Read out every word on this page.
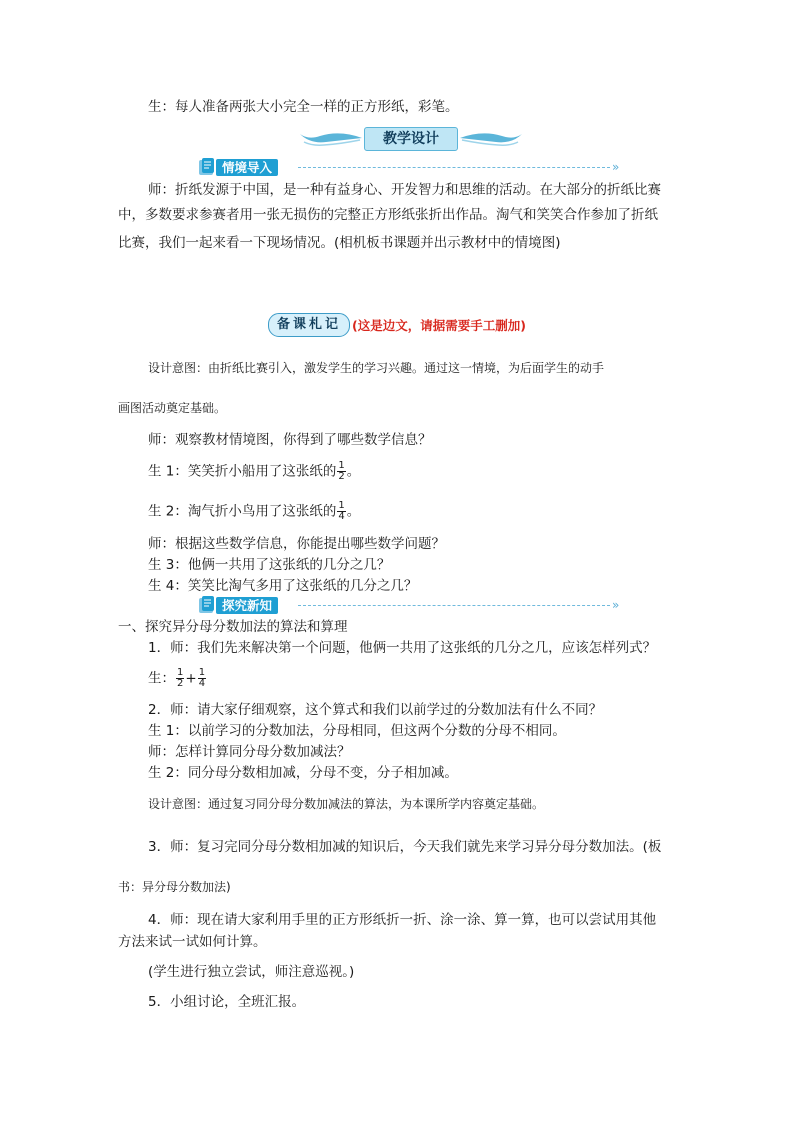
生：每人准备两张大小完全一样的正方形纸，彩笔。
教学设计
情境导入	»
师：折纸发源于中国，是一种有益身心、开发智力和思维的活动。在大部分的折纸比赛
中，多数要求参赛者用一张无损伤的完整正方形纸张折出作品。淘气和笑笑合作参加了折纸
比赛，我们一起来看一下现场情况。(相机板书课题并出示教材中的情境图)
备课札记 (这是边文，请据需要手工删加)
设计意图：由折纸比赛引入，激发学生的学习兴趣。通过这一情境，为后面学生的动手
画图活动奠定基础。
师：观察教材情境图，你得到了哪些数学信息？
生 1：笑笑折小船用了这张纸的 $\frac{1}{2}$ 。
生 2：淘气折小鸟用了这张纸的 $\frac{1}{4}$ 。
师：根据这些数学信息，你能提出哪些数学问题？
生 3：他俩一共用了这张纸的几分之几？
生 4：笑笑比淘气多用了这张纸的几分之几？
探究新知	»
一、探究异分母分数加法的算法和算理
1．师：我们先来解决第一个问题，他俩一共用了这张纸的几分之几，应该怎样列式？
生： $\frac{1}{2} + \frac{1}{4}$
2．师：请大家仔细观察，这个算式和我们以前学过的分数加法有什么不同？
生 1：以前学习的分数加法，分母相同，但这两个分数的分母不相同。
师：怎样计算同分母分数加减法？
生 2：同分母分数相加减，分母不变，分子相加减。
设计意图：通过复习同分母分数加减法的算法，为本课所学内容奠定基础。
3．师：复习完同分母分数相加减的知识后，今天我们就先来学习异分母分数加法。(板
书：异分母分数加法)
4．师：现在请大家利用手里的正方形纸折一折、涂一涂、算一算，也可以尝试用其他
方法来试一试如何计算。
(学生进行独立尝试，师注意巡视。)
5．小组讨论，全班汇报。
